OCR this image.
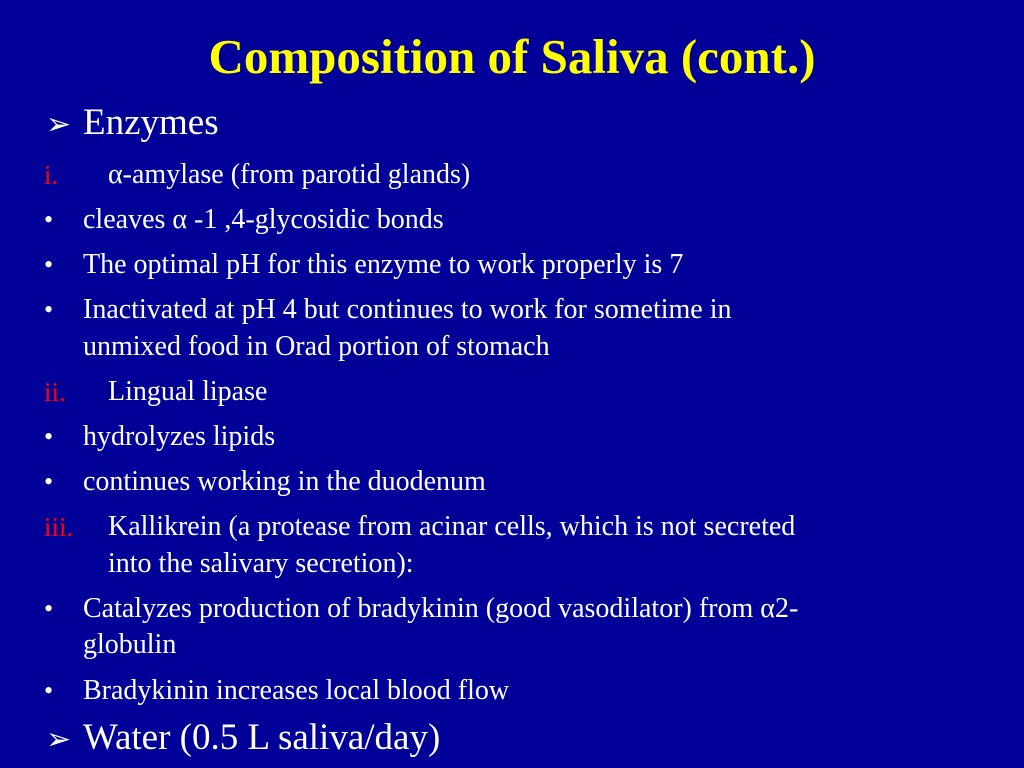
Composition of Saliva (cont.)
➢ Enzymes
i. α-amylase (from parotid glands)
• cleaves α -1 ,4-glycosidic bonds
• The optimal pH for this enzyme to work properly is 7
• Inactivated at pH 4 but continues to work for sometime in
unmixed food in Orad portion of stomach
ii. Lingual lipase
• hydrolyzes lipids
• continues working in the duodenum
iii. Kallikrein (a protease from acinar cells, which is not secreted
into the salivary secretion):
• Catalyzes production of bradykinin (good vasodilator) from α2-
globulin
• Bradykinin increases local blood flow
➢ Water (0.5 L saliva/day)
